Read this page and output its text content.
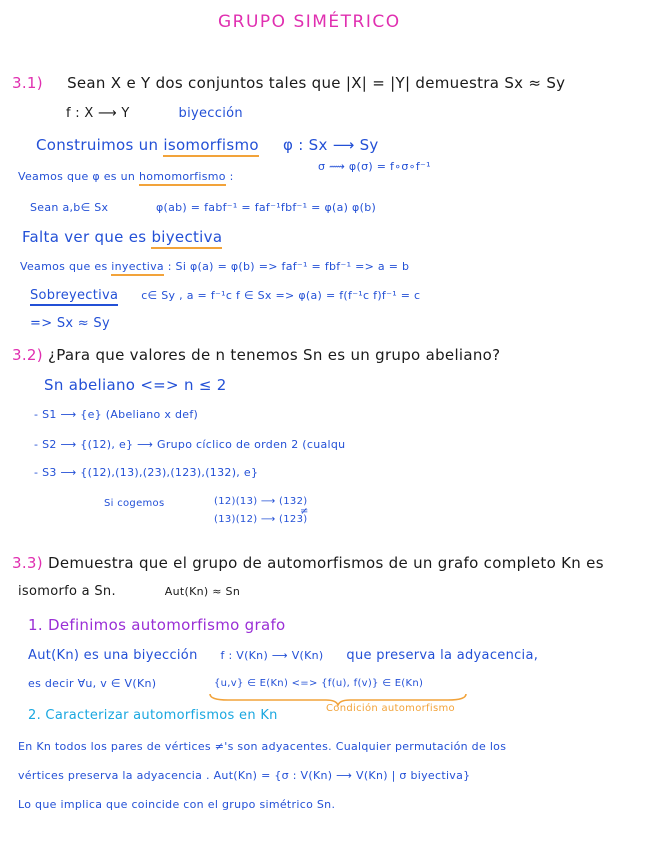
GRUPO SIMÉTRICO
3.1) Sean X e Y dos conjuntos tales que |X| = |Y| demuestra Sx ≈ Sy
f : X ⟶ Y	biyección
Construimos un isomorfismo φ : Sx ⟶ Sy
σ ⟿ φ(σ) = f∘σ∘f⁻¹
Veamos que φ es un homomorfismo :
Sean a,b∈ Sx	φ(ab) = fabf⁻¹ = faf⁻¹fbf⁻¹ = φ(a) φ(b)
Falta ver que es biyectiva
Veamos que es inyectiva : Si φ(a) = φ(b) => faf⁻¹ = fbf⁻¹ => a = b
Sobreyectiva c∈ Sy , a = f⁻¹c f ∈ Sx => φ(a) = f(f⁻¹c f)f⁻¹ = c
=> Sx ≈ Sy
3.2) ¿Para que valores de n tenemos Sn es un grupo abeliano?
Sn abeliano <=> n ≤ 2
- S1 ⟶ {e} (Abeliano x def)
- S2 ⟶ {(12), e} ⟶ Grupo cíclico de orden 2 (cualqu
- S3 ⟶ {(12),(13),(23),(123),(132), e}
Si cogemos	(12)(13) ⟶ (132)
≠
(13)(12) ⟶ (123)
3.3) Demuestra que el grupo de automorfismos de un grafo completo Kn es
isomorfo a Sn.	Aut(Kn) ≈ Sn
1. Definimos automorfismo grafo
Aut(Kn) es una biyección f : V(Kn) ⟶ V(Kn) que preserva la adyacencia,
es decir ∀u, v ∈ V(Kn)	{u,v} ∈ E(Kn) <=> {f(u), f(v)} ∈ E(Kn)
Condición automorfismo
2. Caracterizar automorfismos en Kn
En Kn todos los pares de vértices ≠'s son adyacentes. Cualquier permutación de los
vértices preserva la adyacencia . Aut(Kn) = {σ : V(Kn) ⟶ V(Kn) | σ biyectiva}
Lo que implica que coincide con el grupo simétrico Sn.
